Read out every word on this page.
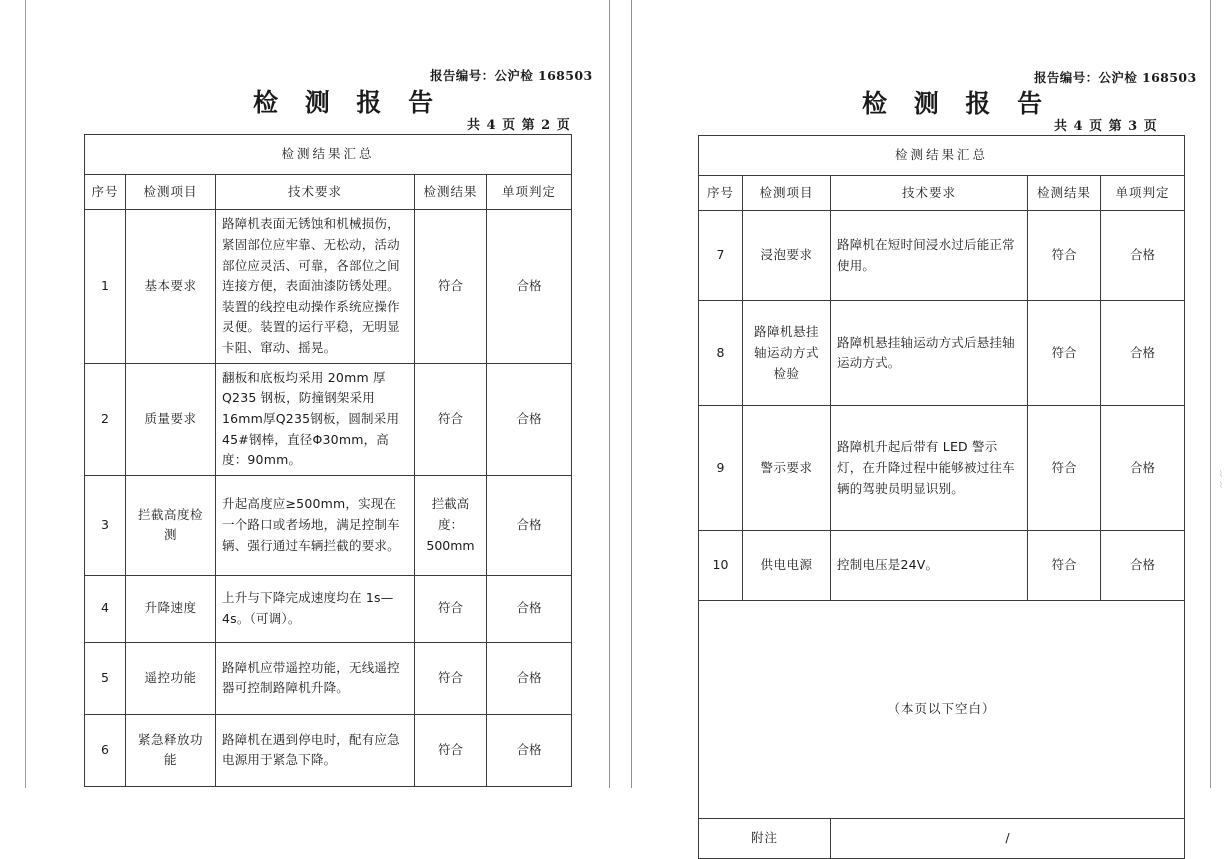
报告编号：公沪检 168503
检 测 报 告
共 4 页 第 2 页
检测结果汇总				
序号	检测项目	技术要求	检测结果	单项判定
1	基本要求	路障机表面无锈蚀和机械损伤，紧固部位应牢靠、无松动，活动部位应灵活、可靠，各部位之间连接方便，表面油漆防锈处理。装置的线控电动操作系统应操作灵便。装置的运行平稳，无明显卡阻、窜动、摇晃。	符合	合格
2	质量要求	翻板和底板均采用 20mm 厚 Q235 钢板，防撞钢架采用16mm厚Q235钢板，圆制采用 45#钢棒，直径Φ30mm，高度：90mm。	符合	合格
3	拦截高度检测	升起高度应≥500mm，实现在一个路口或者场地，满足控制车辆、强行通过车辆拦截的要求。	拦截高度：500mm	合格
4	升降速度	上升与下降完成速度均在 1s—4s。（可调）。	符合	合格
5	遥控功能	路障机应带遥控功能，无线遥控器可控制路障机升降。	符合	合格
6	紧急释放功能	路障机在遇到停电时，配有应急电源用于紧急下降。	符合	合格
报告编号：公沪检 168503
检 测 报 告
共 4 页 第 3 页
检测结果汇总				
序号	检测项目	技术要求	检测结果	单项判定
7	浸泡要求	路障机在短时间浸水过后能正常使用。	符合	合格
8	路障机悬挂轴运动方式检验	路障机悬挂轴运动方式后悬挂轴运动方式。	符合	合格
9	警示要求	路障机升起后带有 LED 警示灯，在升降过程中能够被过往车辆的驾驶员明显识别。	符合	合格
10	供电电源	控制电压是24V。	符合	合格
（本页以下空白）				
附注		/		
⌇⌇
